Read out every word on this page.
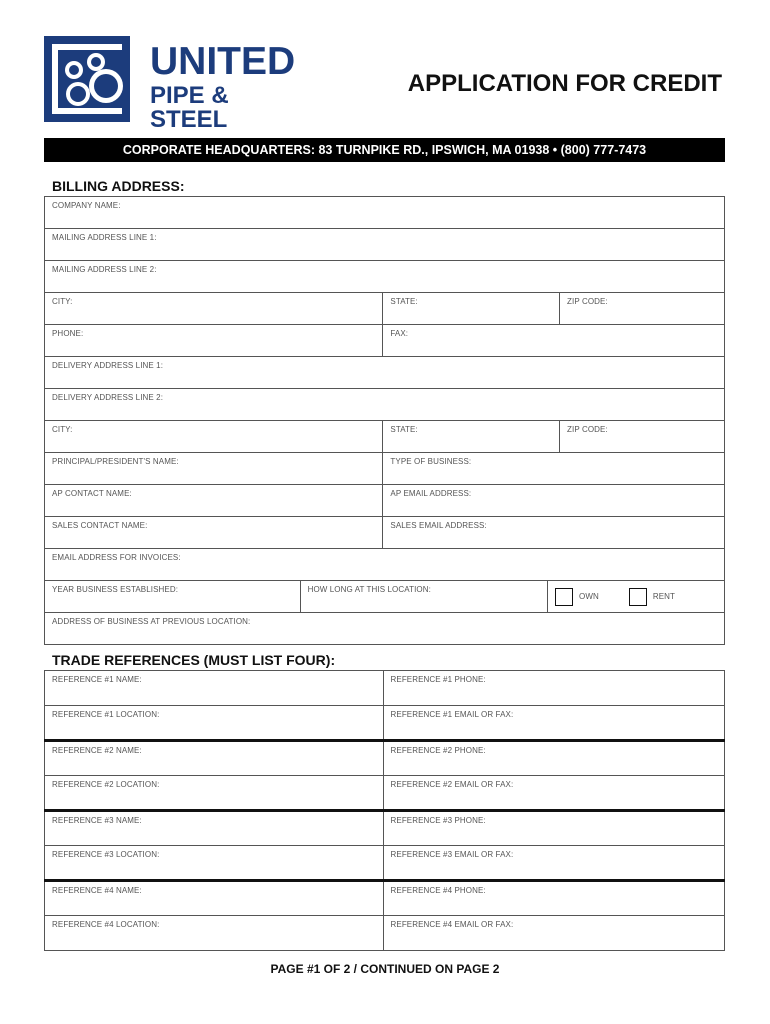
UNITED
PIPE & STEEL
APPLICATION FOR CREDIT
CORPORATE HEADQUARTERS: 83 TURNPIKE RD., IPSWICH, MA 01938 • (800) 777-7473
BILLING ADDRESS:
COMPANY NAME:				
MAILING ADDRESS LINE 1:				
MAILING ADDRESS LINE 2:				
CITY:		STATE:		ZIP CODE:
PHONE:		FAX:		
DELIVERY ADDRESS LINE 1:				
DELIVERY ADDRESS LINE 2:				
CITY:		STATE:		ZIP CODE:
PRINCIPAL/PRESIDENT'S NAME:		TYPE OF BUSINESS:		
AP CONTACT NAME:		AP EMAIL ADDRESS:		
SALES CONTACT NAME:		SALES EMAIL ADDRESS:		
EMAIL ADDRESS FOR INVOICES:				
YEAR BUSINESS ESTABLISHED:	HOW LONG AT THIS LOCATION:		OWN RENT	

ADDRESS OF BUSINESS AT PREVIOUS LOCATION:				
TRADE REFERENCES (MUST LIST FOUR):
REFERENCE #1 NAME:	REFERENCE #1 PHONE:
REFERENCE #1 LOCATION:	REFERENCE #1 EMAIL OR FAX:
REFERENCE #2 NAME:	REFERENCE #2 PHONE:
REFERENCE #2 LOCATION:	REFERENCE #2 EMAIL OR FAX:
REFERENCE #3 NAME:	REFERENCE #3 PHONE:
REFERENCE #3 LOCATION:	REFERENCE #3 EMAIL OR FAX:
REFERENCE #4 NAME:	REFERENCE #4 PHONE:
REFERENCE #4 LOCATION:	REFERENCE #4 EMAIL OR FAX:
PAGE #1 OF 2 / CONTINUED ON PAGE 2
